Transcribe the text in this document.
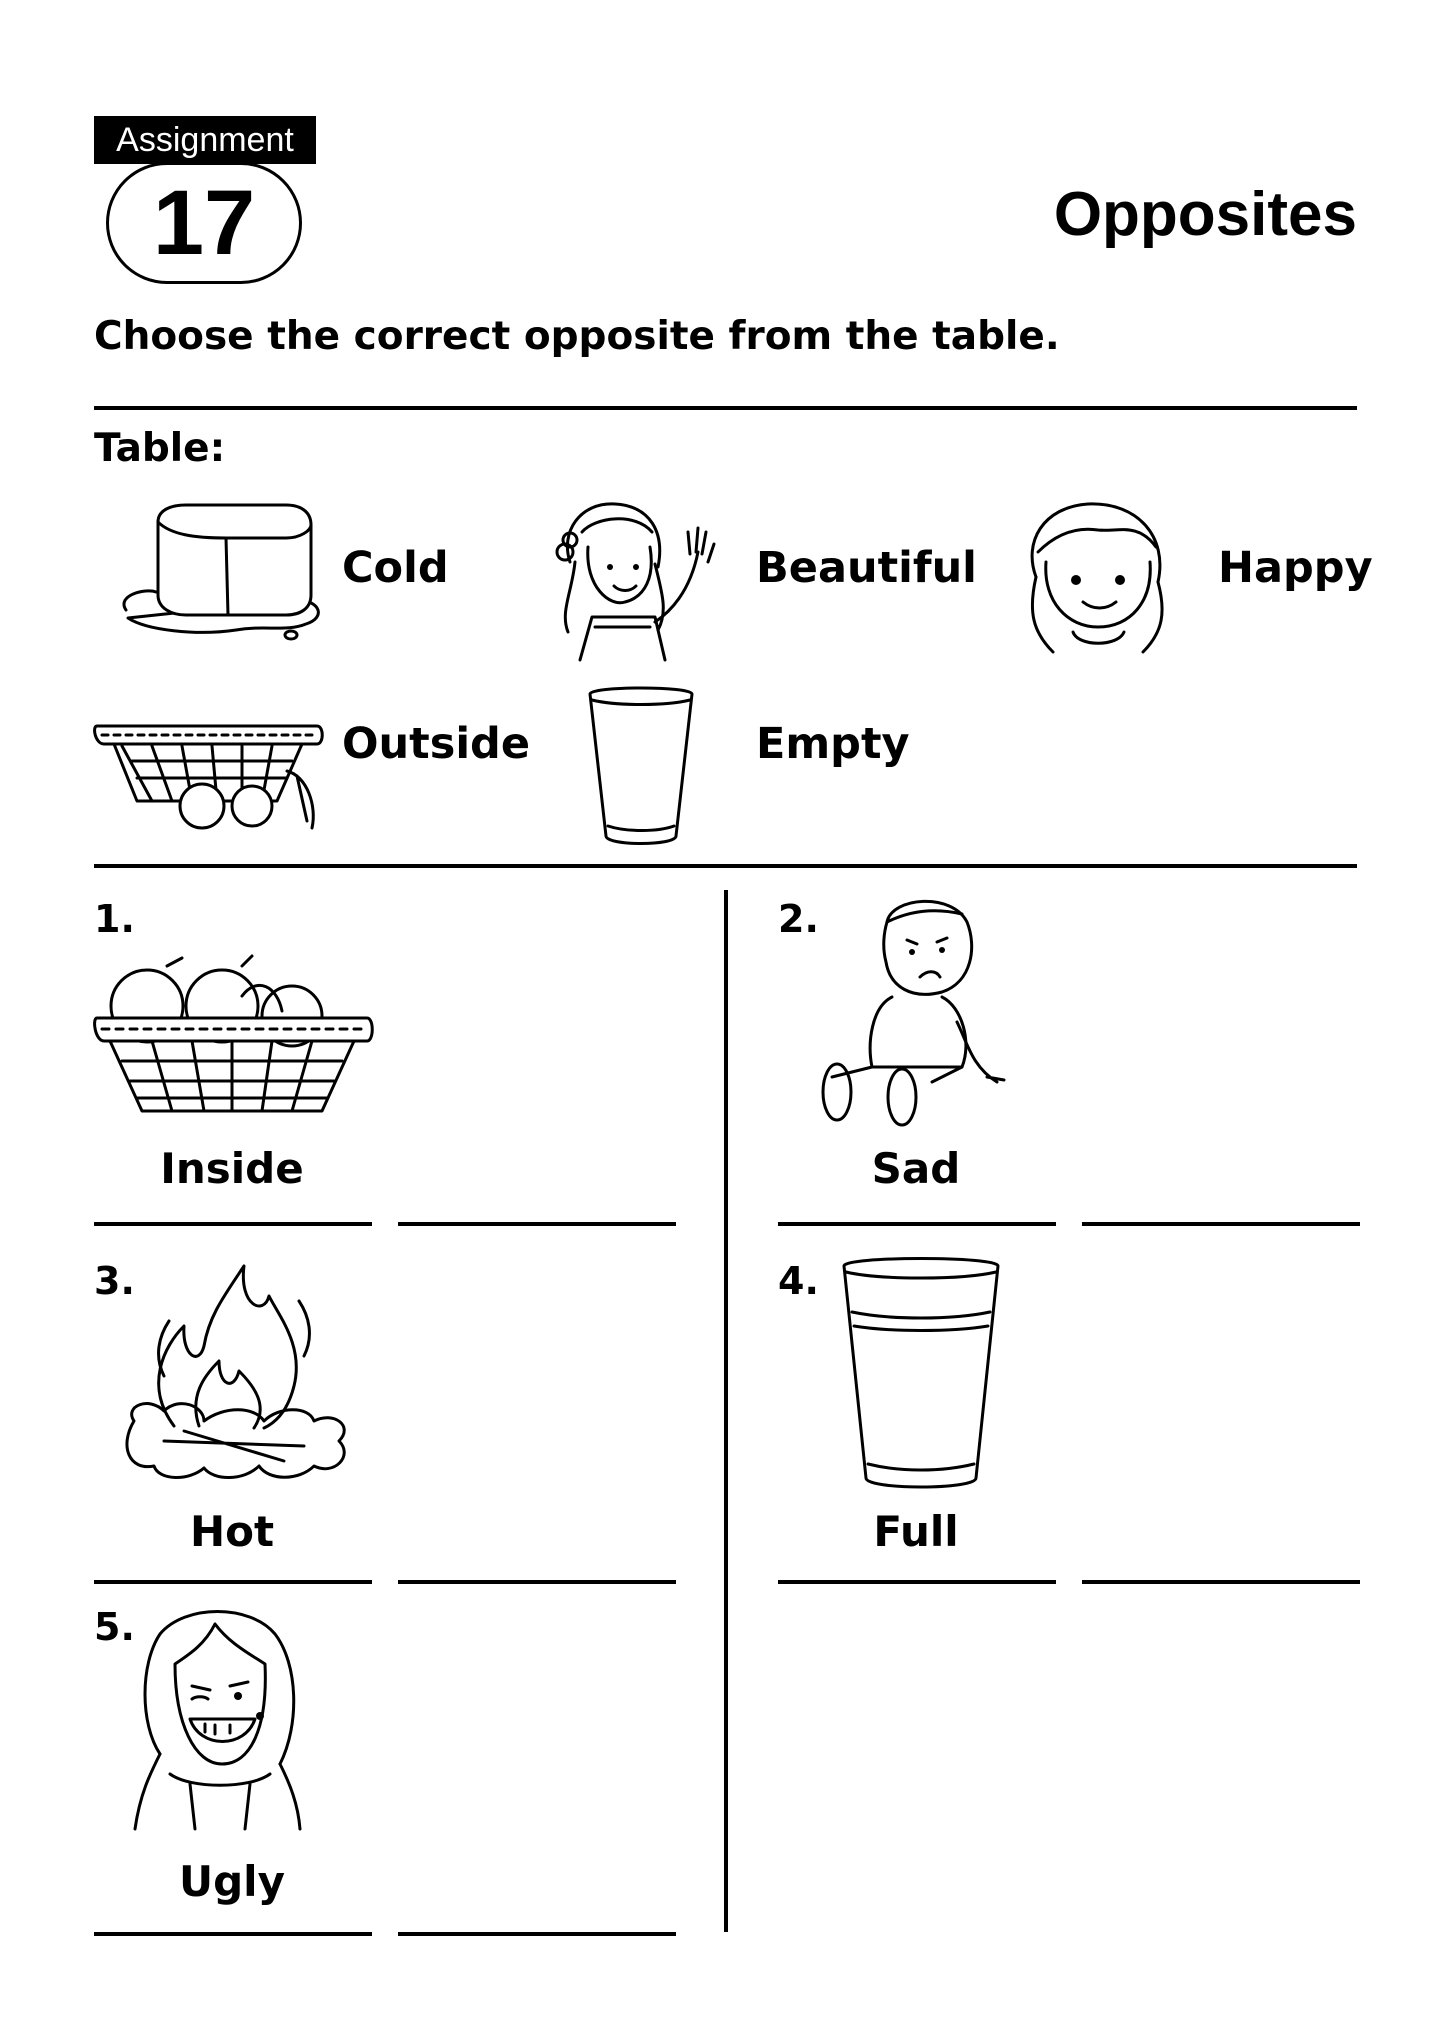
Assignment
17	Opposites
Choose the correct opposite from the table.
Table:
Cold	Beautiful	Happy
Outside	Empty
1.
Inside
2.
Sad
3.
Hot
4.
Full
5.
Ugly
